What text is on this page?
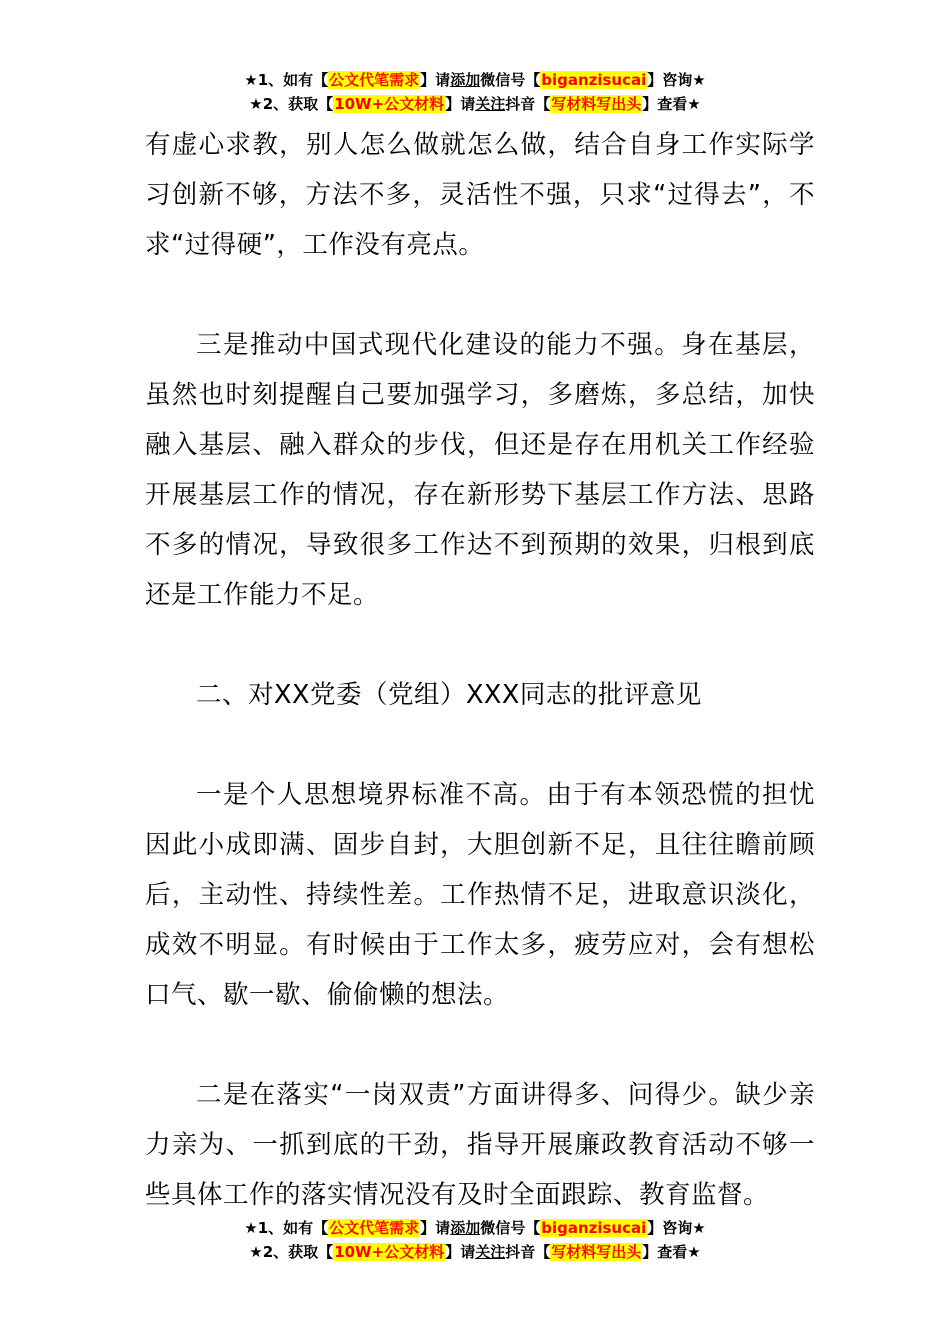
★1、如有【公文代笔需求】请添加微信号【biganzisucai】咨询★
★2、获取【10W+公文材料】请关注抖音【写材料写出头】查看★

有虚心求教，别人怎么做就怎么做，结合自身工作实际学习创新不够，方法不多，灵活性不强，只求“过得去”，不求“过得硬”，工作没有亮点。

三是推动中国式现代化建设的能力不强。身在基层，虽然也时刻提醒自己要加强学习，多磨炼，多总结，加快融入基层、融入群众的步伐，但还是存在用机关工作经验开展基层工作的情况，存在新形势下基层工作方法、思路不多的情况，导致很多工作达不到预期的效果，归根到底还是工作能力不足。

二、对XX党委（党组）XXX同志的批评意见

一是个人思想境界标准不高。由于有本领恐慌的担忧因此小成即满、固步自封，大胆创新不足，且往往瞻前顾后，主动性、持续性差。工作热情不足，进取意识淡化，成效不明显。有时候由于工作太多，疲劳应对，会有想松口气、歇一歇、偷偷懒的想法。

二是在落实“一岗双责”方面讲得多、问得少。缺少亲力亲为、一抓到底的干劲，指导开展廉政教育活动不够一些具体工作的落实情况没有及时全面跟踪、教育监督。

★1、如有【公文代笔需求】请添加微信号【biganzisucai】咨询★
★2、获取【10W+公文材料】请关注抖音【写材料写出头】查看★
